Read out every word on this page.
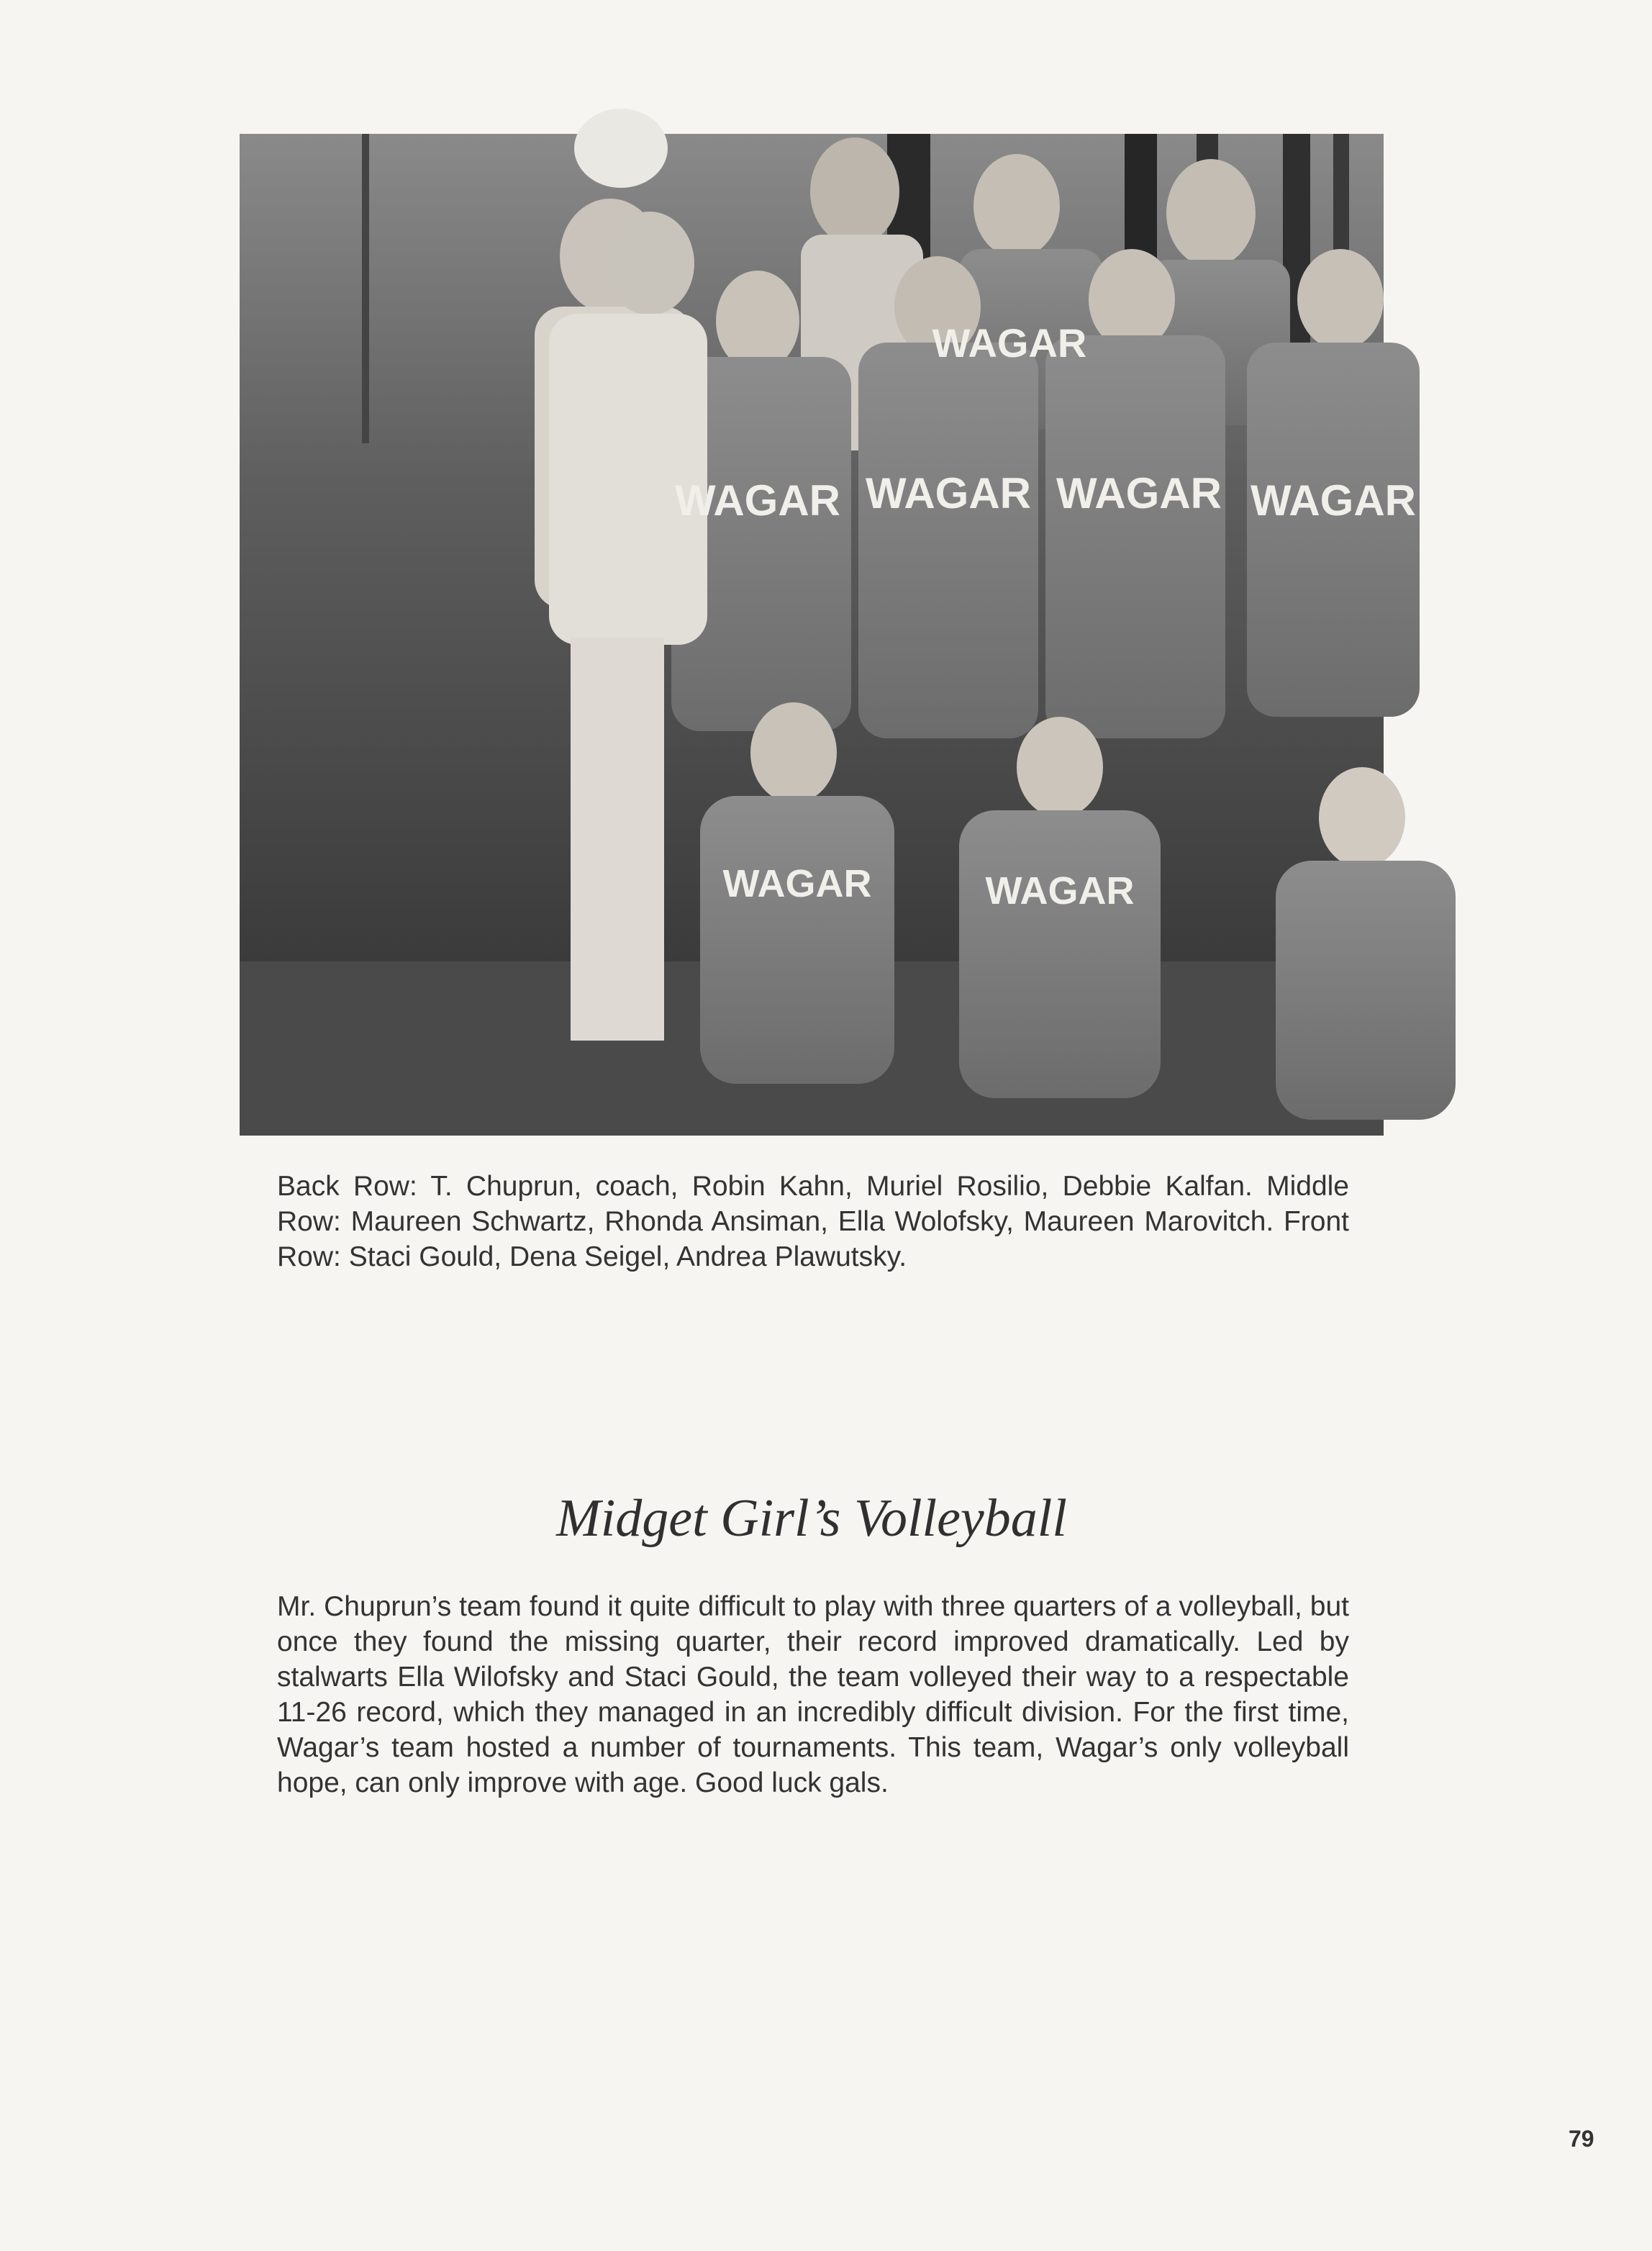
WAGAR
WAGAR WAGAR WAGAR WAGAR
WAGAR	WAGAR

Back Row: T. Chuprun, coach, Robin Kahn, Muriel Rosilio, Debbie Kalfan. Middle Row: Maureen Schwartz, Rhonda Ansiman, Ella Wolofsky, Maureen Marovitch. Front Row: Staci Gould, Dena Seigel, Andrea Plawutsky.

Midget Girl’s Volleyball

Mr. Chuprun’s team found it quite difficult to play with three quarters of a volleyball, but once they found the missing quarter, their record improved dramatically. Led by stalwarts Ella Wilofsky and Staci Gould, the team volleyed their way to a respectable 11-26 record, which they managed in an incredibly difficult division. For the first time, Wagar’s team hosted a number of tournaments. This team, Wagar’s only volleyball hope, can only improve with age. Good luck gals.

79
